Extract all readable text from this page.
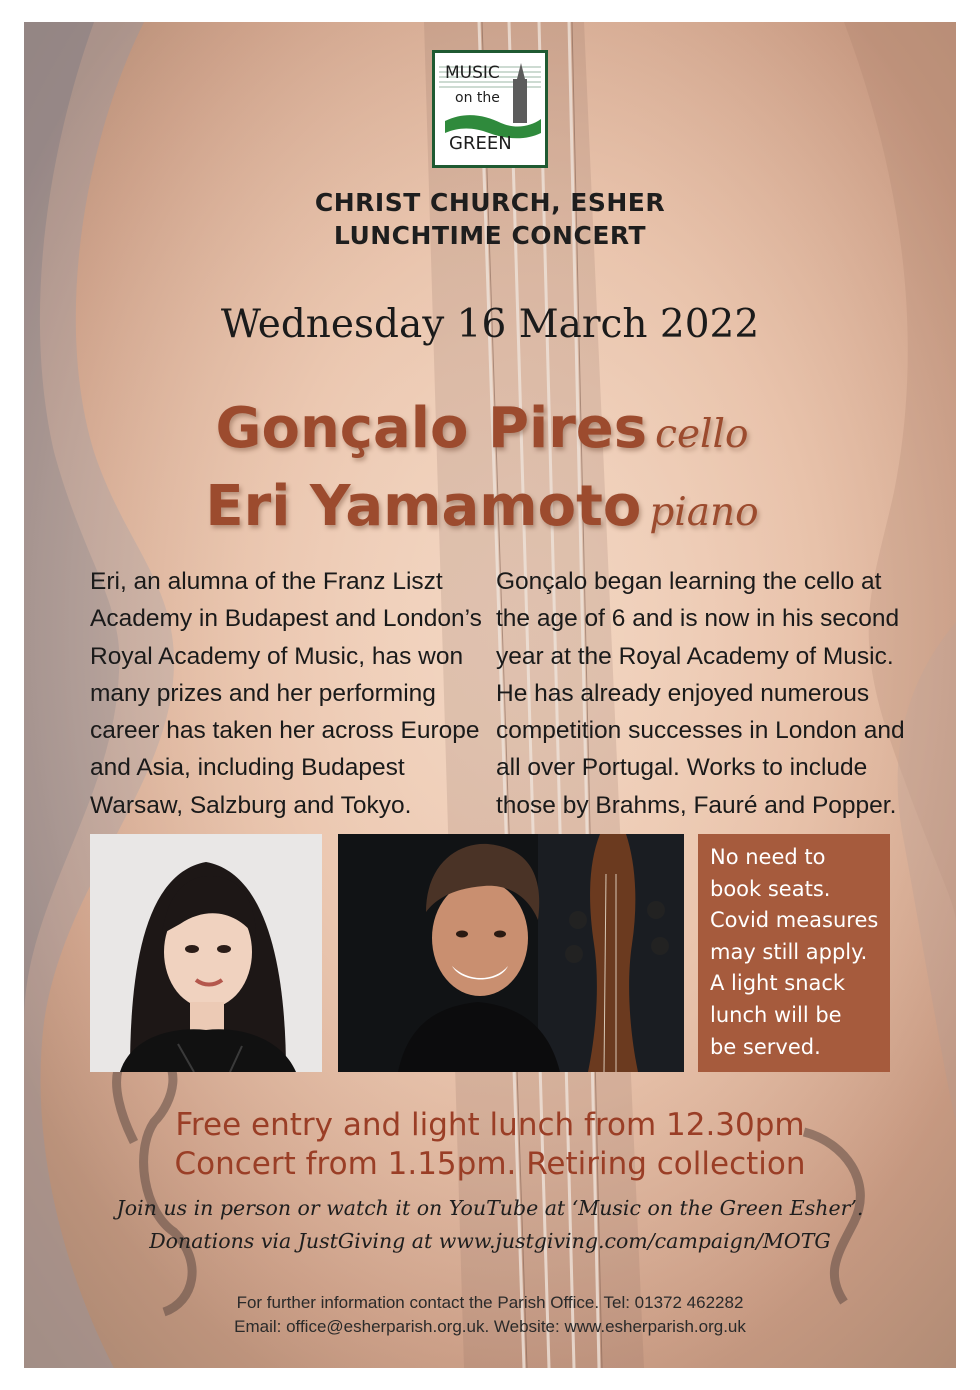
MUSIC
on the
GREEN
CHRIST CHURCH, ESHER
LUNCHTIME CONCERT
Wednesday 16 March 2022
Gonçalo Pires cello
Eri Yamamoto piano
Eri, an alumna of the Franz Liszt
Academy in Budapest and London’s
Royal Academy of Music, has won
many prizes and her performing
career has taken her across Europe
and Asia, including Budapest
Warsaw, Salzburg and Tokyo.
Gonçalo began learning the cello at
the age of 6 and is now in his second
year at the Royal Academy of Music.
He has already enjoyed numerous
competition successes in London and
all over Portugal. Works to include
those by Brahms, Fauré and Popper.
No need to
book seats.
Covid measures
may still apply.
A light snack
lunch will be
be served.
Free entry and light lunch from 12.30pm
Concert from 1.15pm. Retiring collection
Join us in person or watch it on YouTube at ‘Music on the Green Esher’.
Donations via JustGiving at www.justgiving.com/campaign/MOTG
For further information contact the Parish Office. Tel: 01372 462282
Email: office@esherparish.org.uk. Website: www.esherparish.org.uk
